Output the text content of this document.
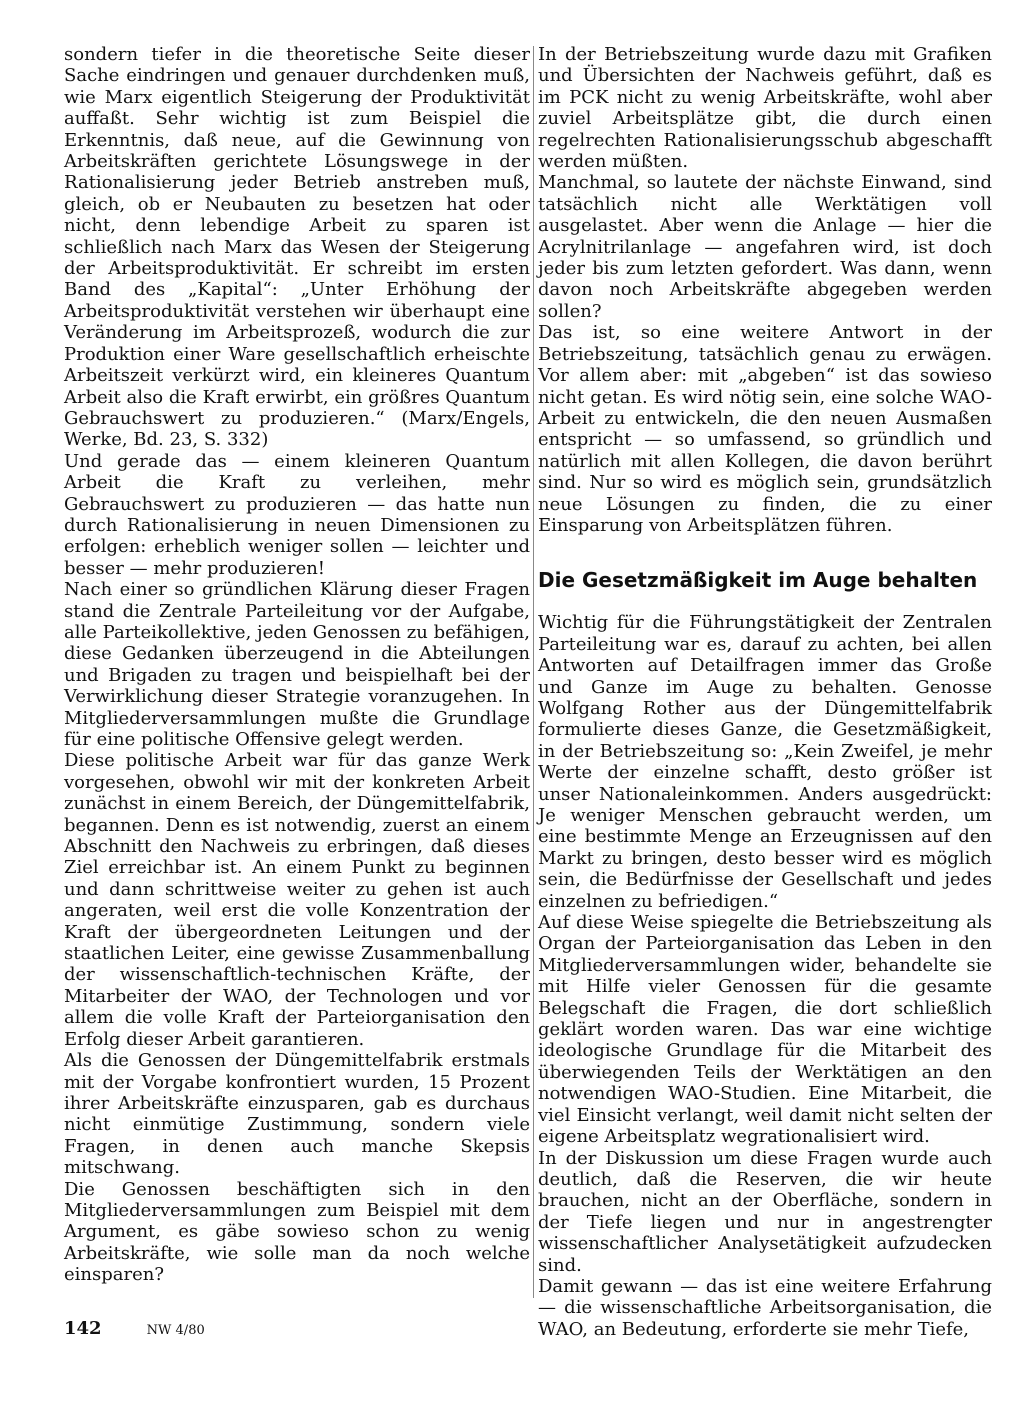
sondern tiefer in die theoretische Seite dieser Sache eindringen und genauer durchdenken muß, wie Marx eigentlich Steigerung der Produktivität auffaßt. Sehr wichtig ist zum Beispiel die Erkenntnis, daß neue, auf die Gewinnung von Arbeitskräften gerichtete Lösungswege in der Rationalisierung jeder Betrieb anstreben muß, gleich, ob er Neubauten zu besetzen hat oder nicht, denn lebendige Arbeit zu sparen ist schließlich nach Marx das Wesen der Steigerung der Arbeitsproduktivität. Er schreibt im ersten Band des „Kapital“: „Unter Erhöhung der Arbeitsproduktivität verstehen wir überhaupt eine Veränderung im Arbeitsprozeß, wodurch die zur Produktion einer Ware gesellschaftlich erheischte Arbeitszeit verkürzt wird, ein kleineres Quantum Arbeit also die Kraft erwirbt, ein größres Quantum Gebrauchswert zu produzieren.“ (Marx/Engels, Werke, Bd. 23, S. 332)

Und gerade das — einem kleineren Quantum Arbeit die Kraft zu verleihen, mehr Gebrauchswert zu produzieren — das hatte nun durch Rationalisierung in neuen Dimensionen zu erfolgen: erheblich weniger sollen — leichter und besser — mehr produzieren!

Nach einer so gründlichen Klärung dieser Fragen stand die Zentrale Parteileitung vor der Aufgabe, alle Parteikollektive, jeden Genossen zu befähigen, diese Gedanken überzeugend in die Abteilungen und Brigaden zu tragen und beispielhaft bei der Verwirklichung dieser Strategie voranzugehen. In Mitgliederversammlungen mußte die Grundlage für eine politische Offensive gelegt werden.

Diese politische Arbeit war für das ganze Werk vorgesehen, obwohl wir mit der konkreten Arbeit zunächst in einem Bereich, der Düngemittelfabrik, begannen. Denn es ist notwendig, zuerst an einem Abschnitt den Nachweis zu erbringen, daß dieses Ziel erreichbar ist. An einem Punkt zu beginnen und dann schrittweise weiter zu gehen ist auch angeraten, weil erst die volle Konzentration der Kraft der übergeordneten Leitungen und der staatlichen Leiter, eine gewisse Zusammenballung der wissenschaftlich-technischen Kräfte, der Mitarbeiter der WAO, der Technologen und vor allem die volle Kraft der Parteiorganisation den Erfolg dieser Arbeit garantieren.

Als die Genossen der Düngemittelfabrik erstmals mit der Vorgabe konfrontiert wurden, 15 Prozent ihrer Arbeitskräfte einzusparen, gab es durchaus nicht einmütige Zustimmung, sondern viele Fragen, in denen auch manche Skepsis mitschwang.

Die Genossen beschäftigten sich in den Mitgliederversammlungen zum Beispiel mit dem Argument, es gäbe sowieso schon zu wenig Arbeitskräfte, wie solle man da noch welche einsparen?

In der Betriebszeitung wurde dazu mit Grafiken und Übersichten der Nachweis geführt, daß es im PCK nicht zu wenig Arbeitskräfte, wohl aber zuviel Arbeitsplätze gibt, die durch einen regelrechten Rationalisierungsschub abgeschafft werden müßten.

Manchmal, so lautete der nächste Einwand, sind tatsächlich nicht alle Werktätigen voll ausgelastet. Aber wenn die Anlage — hier die Acrylnitrilanlage — angefahren wird, ist doch jeder bis zum letzten gefordert. Was dann, wenn davon noch Arbeitskräfte abgegeben werden sollen?

Das ist, so eine weitere Antwort in der Betriebszeitung, tatsächlich genau zu erwägen. Vor allem aber: mit „abgeben“ ist das sowieso nicht getan. Es wird nötig sein, eine solche WAO-Arbeit zu entwickeln, die den neuen Ausmaßen entspricht — so umfassend, so gründlich und natürlich mit allen Kollegen, die davon berührt sind. Nur so wird es möglich sein, grundsätzlich neue Lösungen zu finden, die zu einer Einsparung von Arbeitsplätzen führen.

Die Gesetzmäßigkeit im Auge behalten

Wichtig für die Führungstätigkeit der Zentralen Parteileitung war es, darauf zu achten, bei allen Antworten auf Detailfragen immer das Große und Ganze im Auge zu behalten. Genosse Wolfgang Rother aus der Düngemittelfabrik formulierte dieses Ganze, die Gesetzmäßigkeit, in der Betriebszeitung so: „Kein Zweifel, je mehr Werte der einzelne schafft, desto größer ist unser Nationaleinkommen. Anders ausgedrückt: Je weniger Menschen gebraucht werden, um eine bestimmte Menge an Erzeugnissen auf den Markt zu bringen, desto besser wird es möglich sein, die Bedürfnisse der Gesellschaft und jedes einzelnen zu befriedigen.“

Auf diese Weise spiegelte die Betriebszeitung als Organ der Parteiorganisation das Leben in den Mitgliederversammlungen wider, behandelte sie mit Hilfe vieler Genossen für die gesamte Belegschaft die Fragen, die dort schließlich geklärt worden waren. Das war eine wichtige ideologische Grundlage für die Mitarbeit des überwiegenden Teils der Werktätigen an den notwendigen WAO-Studien. Eine Mitarbeit, die viel Einsicht verlangt, weil damit nicht selten der eigene Arbeitsplatz wegrationalisiert wird.

In der Diskussion um diese Fragen wurde auch deutlich, daß die Reserven, die wir heute brauchen, nicht an der Oberfläche, sondern in der Tiefe liegen und nur in angestrengter wissenschaftlicher Analysetätigkeit aufzudecken sind.

Damit gewann — das ist eine weitere Erfahrung — die wissenschaftliche Arbeitsorganisation, die WAO, an Bedeutung, erforderte sie mehr Tiefe,

142	NW 4/80
